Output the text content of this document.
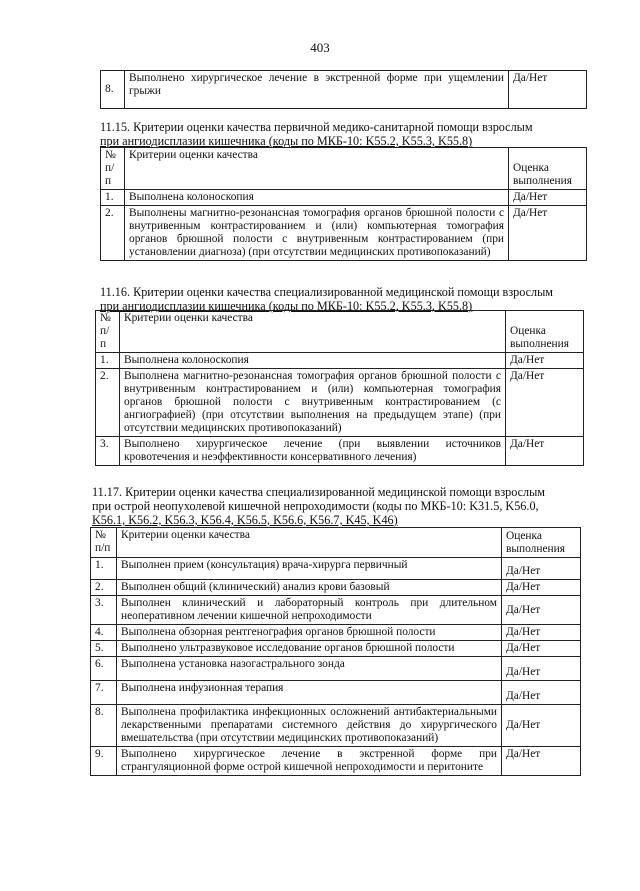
403
8.	Выполнено хирургическое лечение в экстренной форме при ущемлении грыжи	Да/Нет
11.15. Критерии оценки качества первичной медико-санитарной помощи взрослым
при ангиодисплазии кишечника (коды по МКБ-10: K55.2, K55.3, K55.8)
№ п/п	Критерии оценки качества	Оценка выполнения
1.	Выполнена колоноскопия	Да/Нет
2.	Выполнены магнитно-резонансная томография органов брюшной полости с внутривенным контрастированием и (или) компьютерная томография органов брюшной полости с внутривенным контрастированием (при установлении диагноза) (при отсутствии медицинских противопоказаний)	Да/Нет
11.16. Критерии оценки качества специализированной медицинской помощи взрослым
при ангиодисплазии кишечника (коды по МКБ-10: K55.2, K55.3, K55.8)
№ п/п	Критерии оценки качества	Оценка выполнения
1.	Выполнена колоноскопия	Да/Нет
2.	Выполнена магнитно-резонансная томография органов брюшной полости с внутривенным контрастированием и (или) компьютерная томография органов брюшной полости с внутривенным контрастированием (с ангиографией) (при отсутствии выполнения на предыдущем этапе) (при отсутствии медицинских противопоказаний)	Да/Нет
3.	Выполнено хирургическое лечение (при выявлении источников кровотечения и неэффективности консервативного лечения)	Да/Нет
11.17. Критерии оценки качества специализированной медицинской помощи взрослым
при острой неопухолевой кишечной непроходимости (коды по МКБ-10: K31.5, K56.0,
K56.1, K56.2, K56.3, K56.4, K56.5, K56.6, K56.7, K45, K46)
№ п/п	Критерии оценки качества	Оценка выполнения
1.	Выполнен прием (консультация) врача-хирурга первичный	Да/Нет
2.	Выполнен общий (клинический) анализ крови базовый	Да/Нет
3.	Выполнен клинический и лабораторный контроль при длительном неоперативном лечении кишечной непроходимости	Да/Нет
4.	Выполнена обзорная рентгенография органов брюшной полости	Да/Нет
5.	Выполнено ультразвуковое исследование органов брюшной полости	Да/Нет
6.	Выполнена установка назогастрального зонда	Да/Нет
7.	Выполнена инфузионная терапия	Да/Нет
8.	Выполнена профилактика инфекционных осложнений антибактериальными лекарственными препаратами системного действия до хирургического вмешательства (при отсутствии медицинских противопоказаний)	Да/Нет
9.	Выполнено хирургическое лечение в экстренной форме при странгуляционной форме острой кишечной непроходимости и перитоните	Да/Нет
